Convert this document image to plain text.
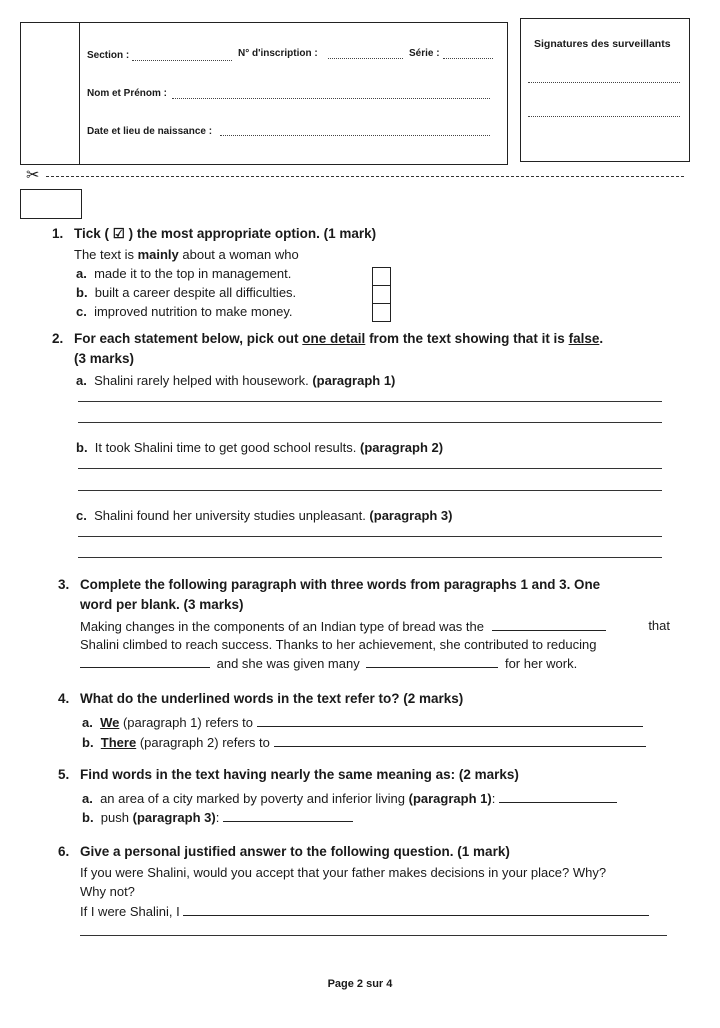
Section :	N° d'inscription :	Série :
Nom et Prénom :
Date et lieu de naissance :
Signatures des surveillants
✂
1. Tick ( ☑ ) the most appropriate option. (1 mark)
The text is mainly about a woman who
a. made it to the top in management.
b. built a career despite all difficulties.
c. improved nutrition to make money.
2. For each statement below, pick out one detail from the text showing that it is false.
(3 marks)
a. Shalini rarely helped with housework. (paragraph 1)
b. It took Shalini time to get good school results. (paragraph 2)
c. Shalini found her university studies unpleasant. (paragraph 3)
3. Complete the following paragraph with three words from paragraphs 1 and 3. One
word per blank. (3 marks)
Making changes in the components of an Indian type of bread was the	that
Shalini climbed to reach success. Thanks to her achievement, she contributed to reducing
and she was given many	for her work.
4. What do the underlined words in the text refer to? (2 marks)
a. We (paragraph 1) refers to
b. There (paragraph 2) refers to
5. Find words in the text having nearly the same meaning as: (2 marks)
a. an area of a city marked by poverty and inferior living (paragraph 1):
b. push (paragraph 3):
6. Give a personal justified answer to the following question. (1 mark)
If you were Shalini, would you accept that your father makes decisions in your place? Why?
Why not?
If I were Shalini, I
Page 2 sur 4
